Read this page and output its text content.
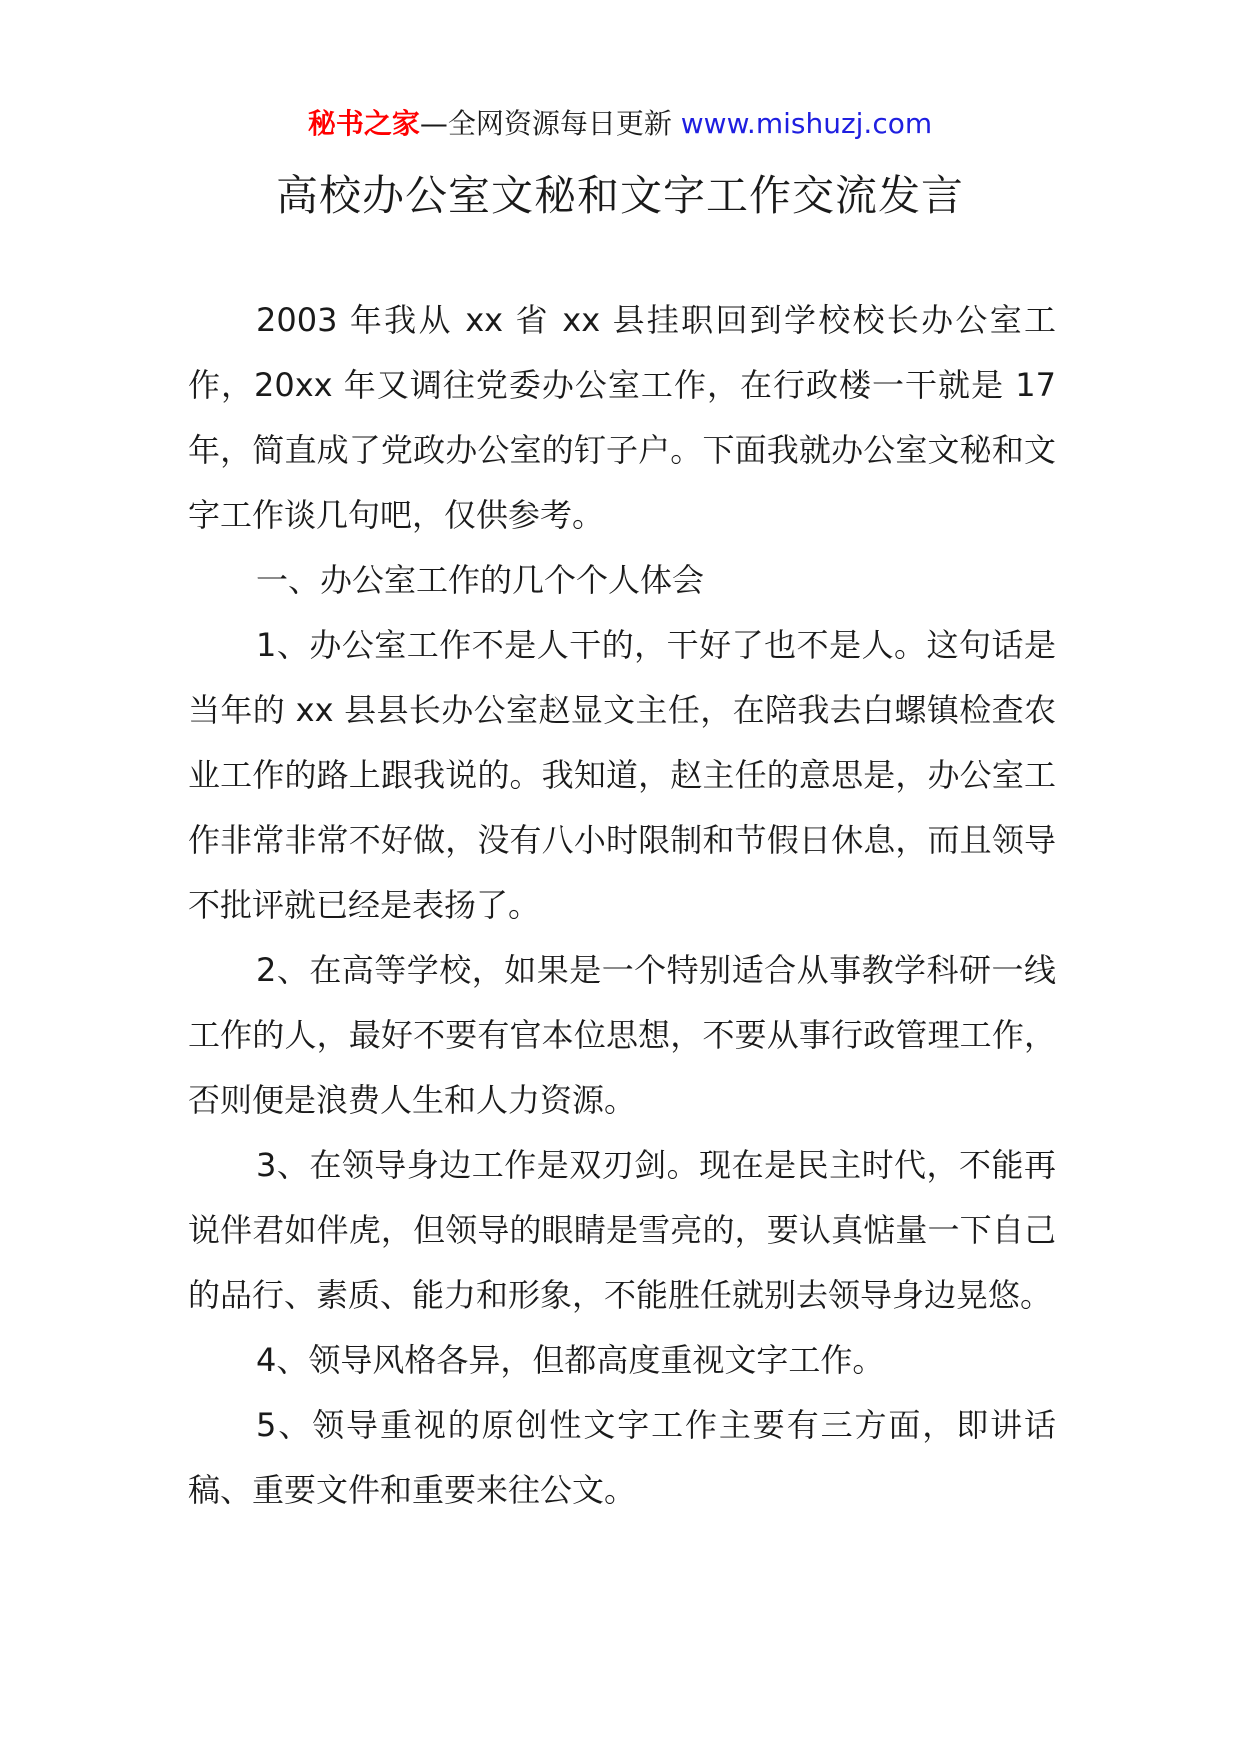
秘书之家—全网资源每日更新 www.mishuzj.com
高校办公室文秘和文字工作交流发言

2003 年我从 xx 省 xx 县挂职回到学校校长办公室工作，20xx 年又调往党委办公室工作，在行政楼一干就是 17 年，简直成了党政办公室的钉子户。下面我就办公室文秘和文字工作谈几句吧，仅供参考。

一、办公室工作的几个个人体会

1、办公室工作不是人干的，干好了也不是人。这句话是当年的 xx 县县长办公室赵显文主任，在陪我去白螺镇检查农业工作的路上跟我说的。我知道，赵主任的意思是，办公室工作非常非常不好做，没有八小时限制和节假日休息，而且领导不批评就已经是表扬了。

2、在高等学校，如果是一个特别适合从事教学科研一线工作的人，最好不要有官本位思想，不要从事行政管理工作，否则便是浪费人生和人力资源。

3、在领导身边工作是双刃剑。现在是民主时代，不能再说伴君如伴虎，但领导的眼睛是雪亮的，要认真惦量一下自己的品行、素质、能力和形象，不能胜任就别去领导身边晃悠。

4、领导风格各异，但都高度重视文字工作。

5、领导重视的原创性文字工作主要有三方面，即讲话稿、重要文件和重要来往公文。
